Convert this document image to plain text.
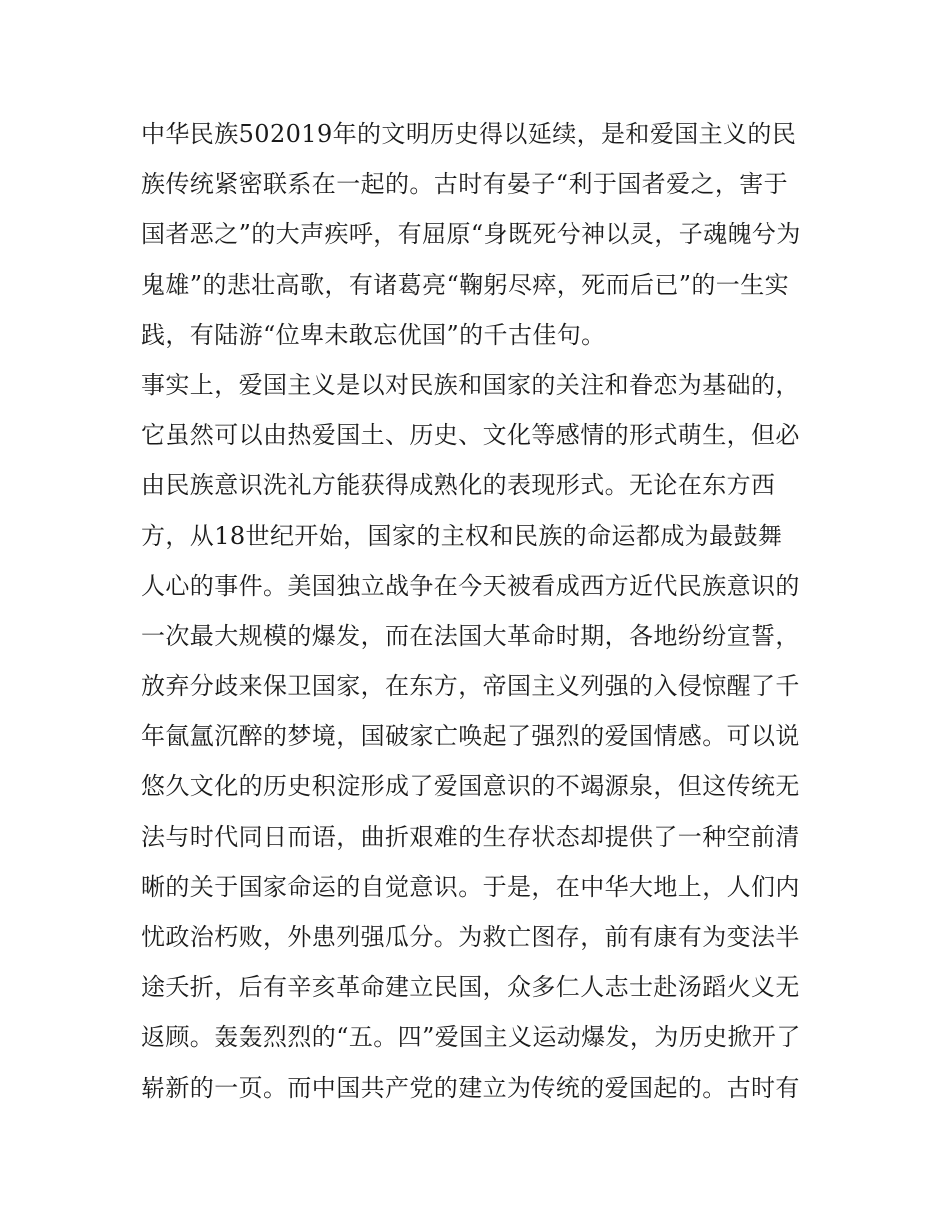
中华民族502019年的文明历史得以延续，是和爱国主义的民
族传统紧密联系在一起的。古时有晏子“利于国者爱之，害于
国者恶之”的大声疾呼，有屈原“身既死兮神以灵，子魂魄兮为
鬼雄”的悲壮高歌，有诸葛亮“鞠躬尽瘁，死而后已”的一生实
践，有陆游“位卑未敢忘优国”的千古佳句。
事实上，爱国主义是以对民族和国家的关注和眷恋为基础的，
它虽然可以由热爱国土、历史、文化等感情的形式萌生，但必
由民族意识洗礼方能获得成熟化的表现形式。无论在东方西
方，从18世纪开始，国家的主权和民族的命运都成为最鼓舞
人心的事件。美国独立战争在今天被看成西方近代民族意识的
一次最大规模的爆发，而在法国大革命时期，各地纷纷宣誓，
放弃分歧来保卫国家，在东方，帝国主义列强的入侵惊醒了千
年氤氲沉醉的梦境，国破家亡唤起了强烈的爱国情感。可以说
悠久文化的历史积淀形成了爱国意识的不竭源泉，但这传统无
法与时代同日而语，曲折艰难的生存状态却提供了一种空前清
晰的关于国家命运的自觉意识。于是，在中华大地上，人们内
忧政治朽败，外患列强瓜分。为救亡图存，前有康有为变法半
途夭折，后有辛亥革命建立民国，众多仁人志士赴汤蹈火义无
返顾。轰轰烈烈的“五。四”爱国主义运动爆发，为历史掀开了
崭新的一页。而中国共产党的建立为传统的爱国起的。古时有
